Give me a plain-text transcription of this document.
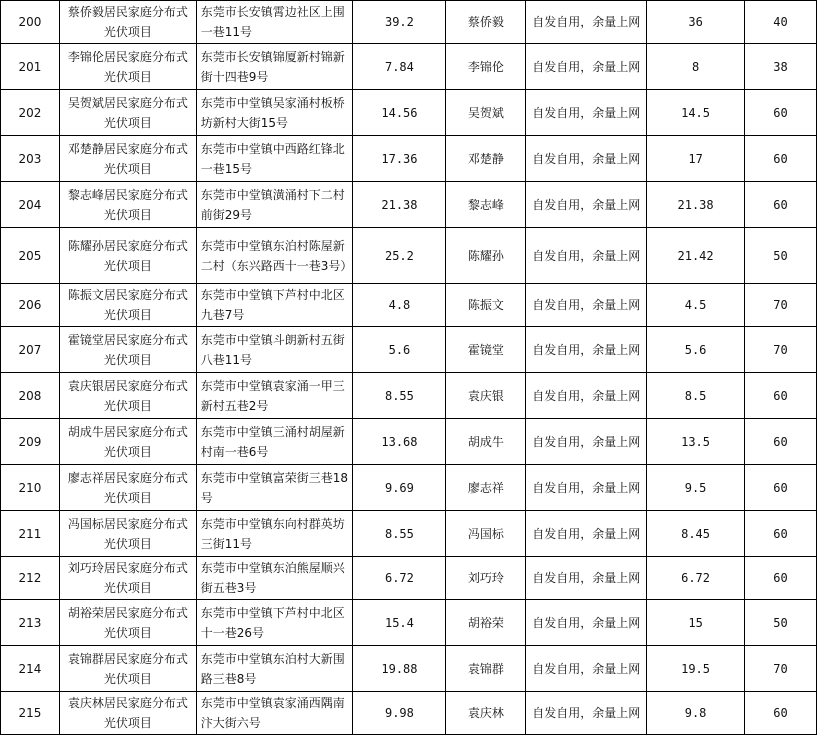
200	蔡侨毅居民家庭分布式光伏项目	东莞市长安镇霄边社区上围一巷11号	39.2	蔡侨毅	自发自用，余量上网	36	40
201	李锦伦居民家庭分布式光伏项目	东莞市长安镇锦厦新村锦新街十四巷9号	7.84	李锦伦	自发自用，余量上网	8	38
202	吴贺斌居民家庭分布式光伏项目	东莞市中堂镇吴家涌村板桥坊新村大街15号	14.56	吴贺斌	自发自用，余量上网	14.5	60
203	邓楚静居民家庭分布式光伏项目	东莞市中堂镇中西路红锋北一巷15号	17.36	邓楚静	自发自用，余量上网	17	60
204	黎志峰居民家庭分布式光伏项目	东莞市中堂镇潢涌村下二村前街29号	21.38	黎志峰	自发自用，余量上网	21.38	60
205	陈耀孙居民家庭分布式光伏项目	东莞市中堂镇东泊村陈屋新二村（东兴路西十一巷3号）	25.2	陈耀孙	自发自用，余量上网	21.42	50
206	陈振文居民家庭分布式光伏项目	东莞市中堂镇下芦村中北区九巷7号	4.8	陈振文	自发自用，余量上网	4.5	70
207	霍镜堂居民家庭分布式光伏项目	东莞市中堂镇斗朗新村五街八巷11号	5.6	霍镜堂	自发自用，余量上网	5.6	70
208	袁庆银居民家庭分布式光伏项目	东莞市中堂镇袁家涌一甲三新村五巷2号	8.55	袁庆银	自发自用，余量上网	8.5	60
209	胡成牛居民家庭分布式光伏项目	东莞市中堂镇三涌村胡屋新村南一巷6号	13.68	胡成牛	自发自用，余量上网	13.5	60
210	廖志祥居民家庭分布式光伏项目	东莞市中堂镇富荣街三巷18号	9.69	廖志祥	自发自用，余量上网	9.5	60
211	冯国标居民家庭分布式光伏项目	东莞市中堂镇东向村群英坊三街11号	8.55	冯国标	自发自用，余量上网	8.45	60
212	刘巧玲居民家庭分布式光伏项目	东莞市中堂镇东泊熊屋顺兴街五巷3号	6.72	刘巧玲	自发自用，余量上网	6.72	60
213	胡裕荣居民家庭分布式光伏项目	东莞市中堂镇下芦村中北区十一巷26号	15.4	胡裕荣	自发自用，余量上网	15	50
214	袁锦群居民家庭分布式光伏项目	东莞市中堂镇东泊村大新围路三巷8号	19.88	袁锦群	自发自用，余量上网	19.5	70
215	袁庆林居民家庭分布式光伏项目	东莞市中堂镇袁家涌西隅南汴大街六号	9.98	袁庆林	自发自用，余量上网	9.8	60
